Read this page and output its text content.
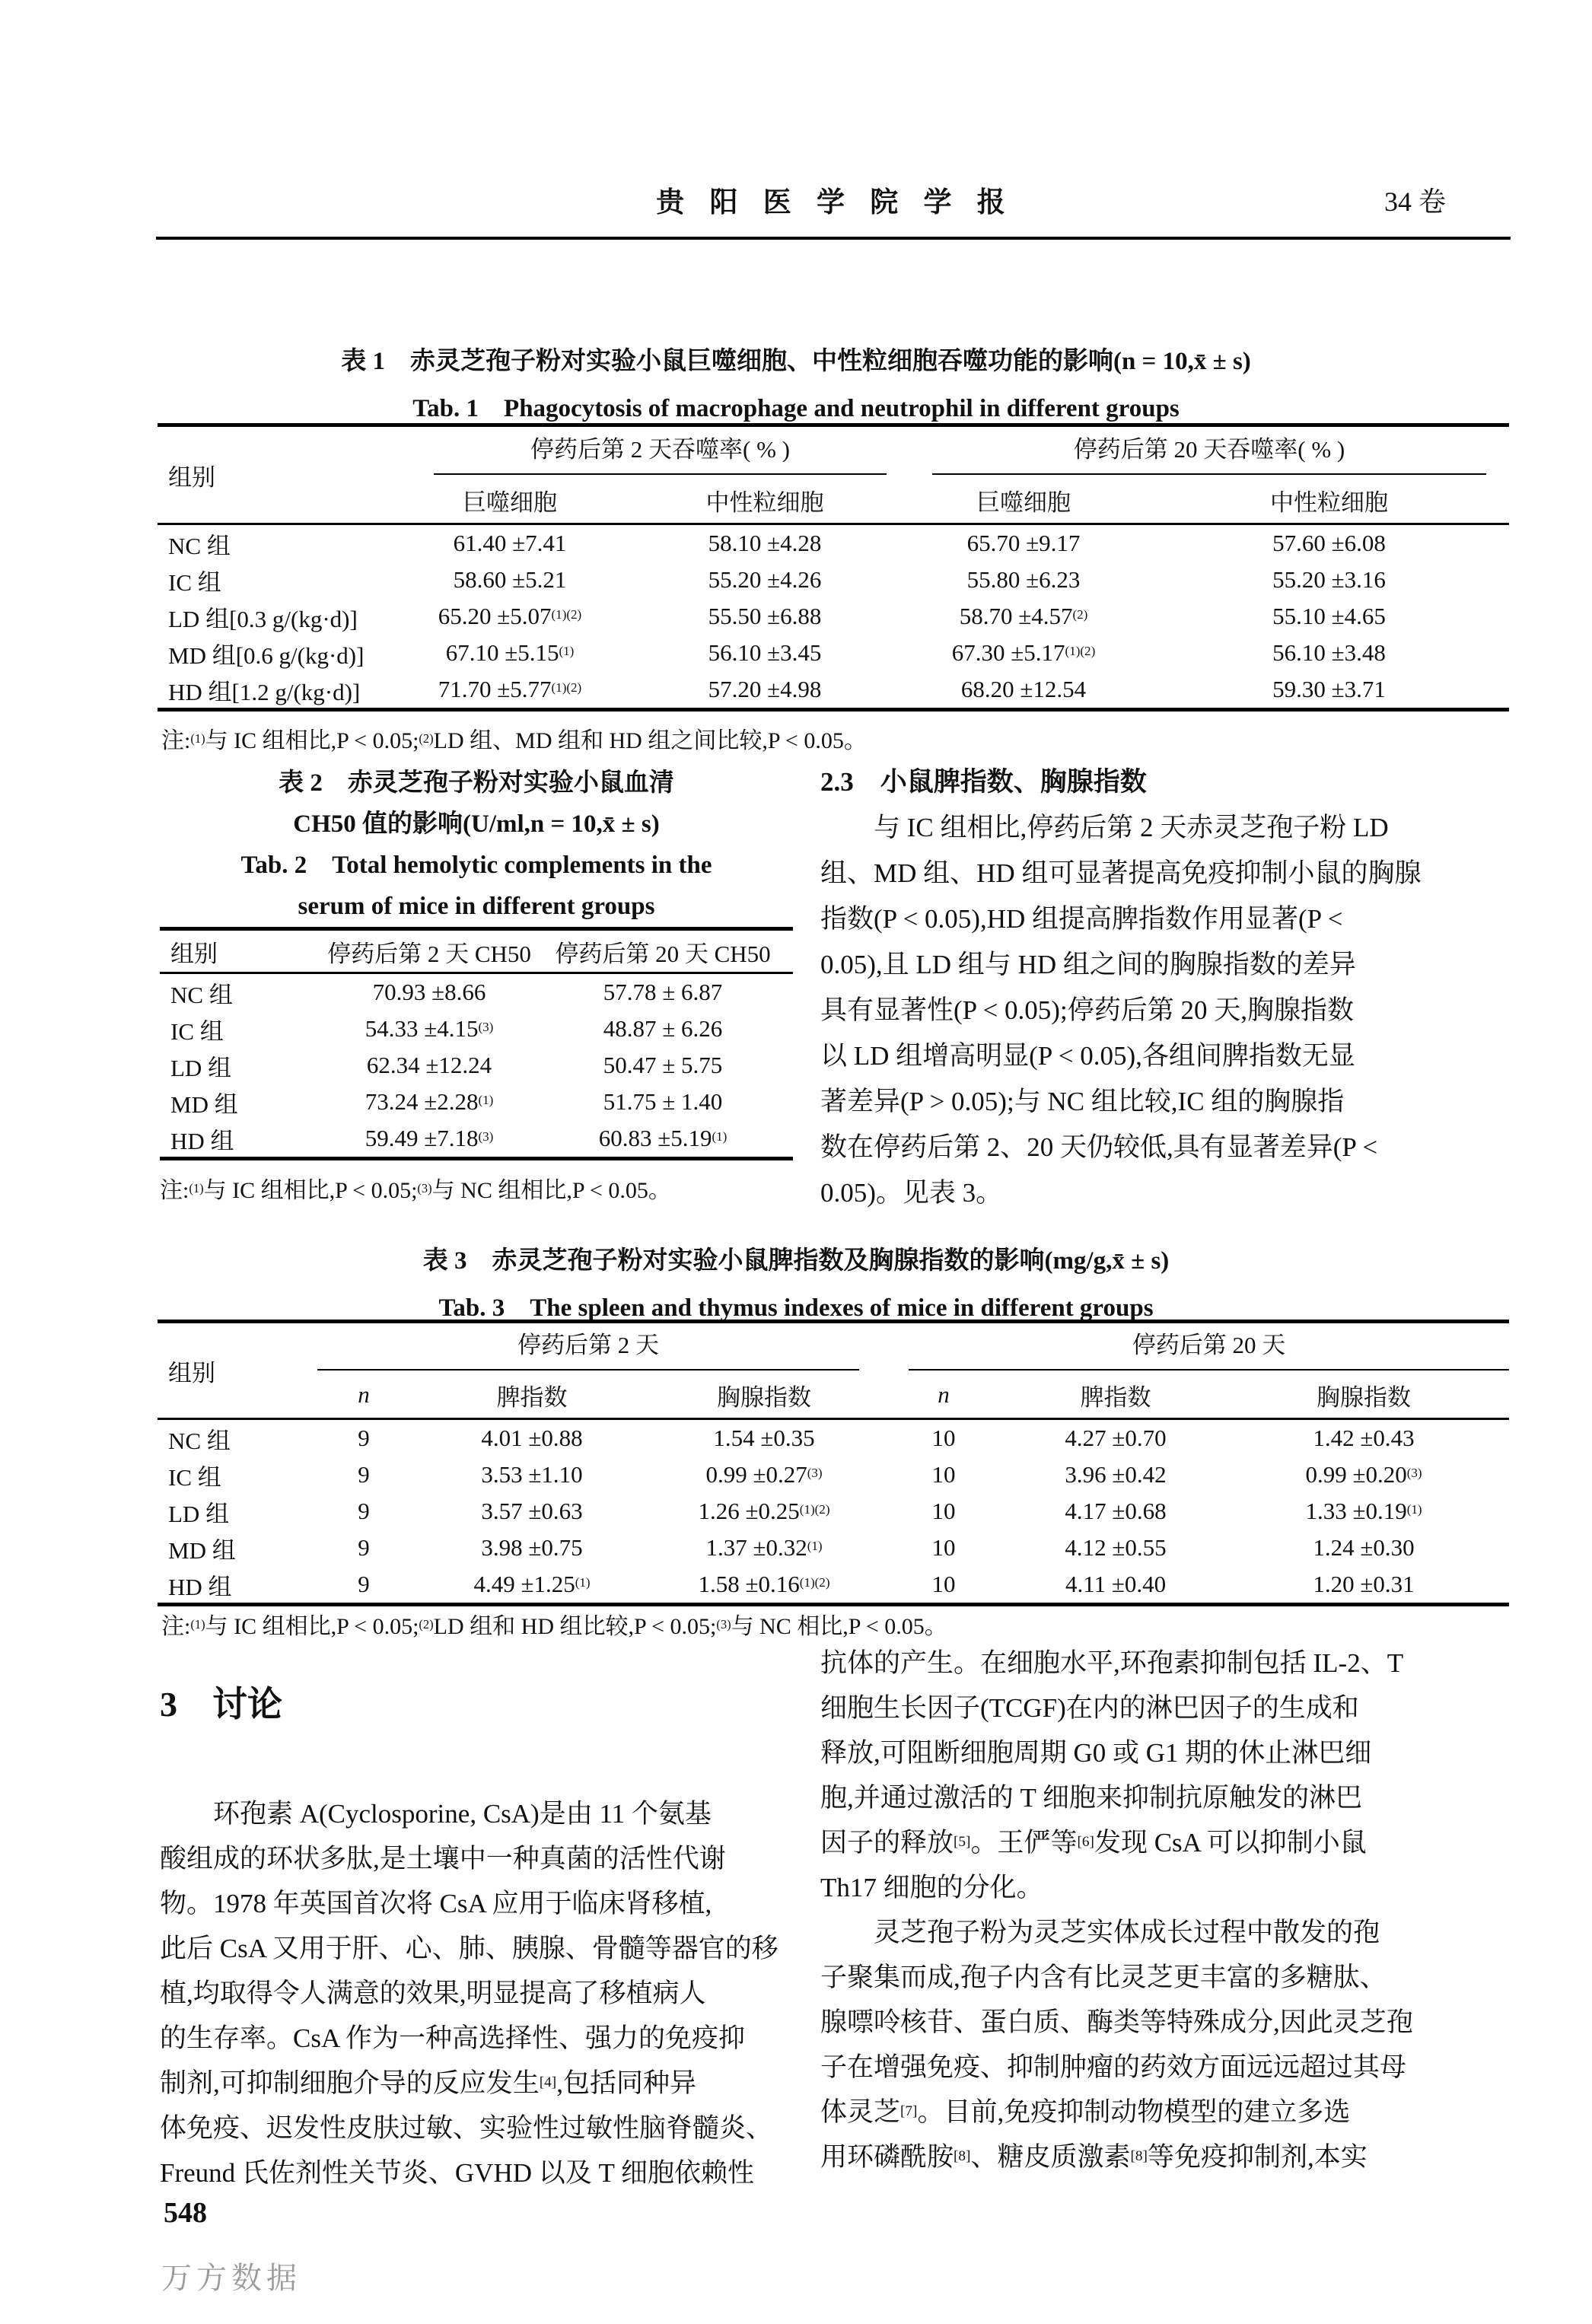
贵 阳 医 学 院 学 报	34 卷
表 1　赤灵芝孢子粉对实验小鼠巨噬细胞、中性粒细胞吞噬功能的影响(n = 10,x̄ ± s)
Tab. 1　Phagocytosis of macrophage and neutrophil in different groups
组别	停药后第 2 天吞噬率( % )		停药后第 20 天吞噬率( % )	

	巨噬细胞	中性粒细胞	巨噬细胞	中性粒细胞
NC 组	61.40 ±7.41	58.10 ±4.28	65.70 ±9.17	57.60 ±6.08
IC 组	58.60 ±5.21	55.20 ±4.26	55.80 ±6.23	55.20 ±3.16
LD 组[0.3 g/(kg·d)]	$65.20 \pm 5.07^{(1)(2)}$	55.50 ±6.88	$58.70 \pm 4.57^{(2)}$	55.10 ±4.65
MD 组[0.6 g/(kg·d)]	$67.10 \pm 5.15^{(1)}$	56.10 ±3.45	$67.30 \pm 5.17^{(1)(2)}$	56.10 ±3.48
HD 组[1.2 g/(kg·d)]	$71.70 \pm 5.77^{(1)(2)}$	57.20 ±4.98	68.20 ±12.54	59.30 ±3.71
注:$^{(1)}$与 IC 组相比,P < 0.05;$^{(2)}$LD 组、MD 组和 HD 组之间比较,P < 0.05。
表 2　赤灵芝孢子粉对实验小鼠血清
CH50 值的影响(U/ml,n = 10,x̄ ± s)
Tab. 2　Total hemolytic complements in the
serum of mice in different groups
组别	停药后第 2 天 CH50	停药后第 20 天 CH50
NC 组	70.93 ±8.66	57.78 ± 6.87
IC 组	$54.33 \pm 4.15^{(3)}$	48.87 ± 6.26
LD 组	62.34 ±12.24	50.47 ± 5.75
MD 组	$73.24 \pm 2.28^{(1)}$	51.75 ± 1.40
HD 组	$59.49 \pm 7.18^{(3)}$	$60.83 \pm 5.19^{(1)}$
注:$^{(1)}$与 IC 组相比,P < 0.05;$^{(3)}$与 NC 组相比,P < 0.05。
2.3　小鼠脾指数、胸腺指数
　　与 IC 组相比,停药后第 2 天赤灵芝孢子粉 LD
组、MD 组、HD 组可显著提高免疫抑制小鼠的胸腺
指数(P < 0.05),HD 组提高脾指数作用显著(P <
0.05),且 LD 组与 HD 组之间的胸腺指数的差异
具有显著性(P < 0.05);停药后第 20 天,胸腺指数
以 LD 组增高明显(P < 0.05),各组间脾指数无显
著差异(P > 0.05);与 NC 组比较,IC 组的胸腺指
数在停药后第 2、20 天仍较低,具有显著差异(P <
0.05)。见表 3。
表 3　赤灵芝孢子粉对实验小鼠脾指数及胸腺指数的影响(mg/g,x̄ ± s)
Tab. 3　The spleen and thymus indexes of mice in different groups
组别	停药后第 2 天			停药后第 20 天		

	n	脾指数	胸腺指数	n	脾指数	胸腺指数
NC 组	9	4.01 ±0.88	1.54 ±0.35	10	4.27 ±0.70	1.42 ±0.43
IC 组	9	3.53 ±1.10	$0.99 \pm 0.27^{(3)}$	10	3.96 ±0.42	$0.99 \pm 0.20^{(3)}$
LD 组	9	3.57 ±0.63	$1.26 \pm 0.25^{(1)(2)}$	10	4.17 ±0.68	$1.33 \pm 0.19^{(1)}$
MD 组	9	3.98 ±0.75	$1.37 \pm 0.32^{(1)}$	10	4.12 ±0.55	1.24 ±0.30
HD 组	9	$4.49 \pm 1.25^{(1)}$	$1.58 \pm 0.16^{(1)(2)}$	10	4.11 ±0.40	1.20 ±0.31
注:$^{(1)}$与 IC 组相比,P < 0.05;$^{(2)}$LD 组和 HD 组比较,P < 0.05;$^{(3)}$与 NC 相比,P < 0.05。
3　讨论
　　环孢素 A(Cyclosporine, CsA)是由 11 个氨基
酸组成的环状多肽,是土壤中一种真菌的活性代谢
物。1978 年英国首次将 CsA 应用于临床肾移植,
此后 CsA 又用于肝、心、肺、胰腺、骨髓等器官的移
植,均取得令人满意的效果,明显提高了移植病人
的生存率。CsA 作为一种高选择性、强力的免疫抑
制剂,可抑制细胞介导的反应发生[4],包括同种异
体免疫、迟发性皮肤过敏、实验性过敏性脑脊髓炎、
Freund 氏佐剂性关节炎、GVHD 以及 T 细胞依赖性
抗体的产生。在细胞水平,环孢素抑制包括 IL-2、T
细胞生长因子(TCGF)在内的淋巴因子的生成和
释放,可阻断细胞周期 G0 或 G1 期的休止淋巴细
胞,并通过激活的 T 细胞来抑制抗原触发的淋巴
因子的释放[5]。王俨等[6]发现 CsA 可以抑制小鼠
Th17 细胞的分化。
　　灵芝孢子粉为灵芝实体成长过程中散发的孢
子聚集而成,孢子内含有比灵芝更丰富的多糖肽、
腺嘌呤核苷、蛋白质、酶类等特殊成分,因此灵芝孢
子在增强免疫、抑制肿瘤的药效方面远远超过其母
体灵芝[7]。目前,免疫抑制动物模型的建立多选
用环磷酰胺[8]、糖皮质激素[8]等免疫抑制剂,本实
548
万方数据
